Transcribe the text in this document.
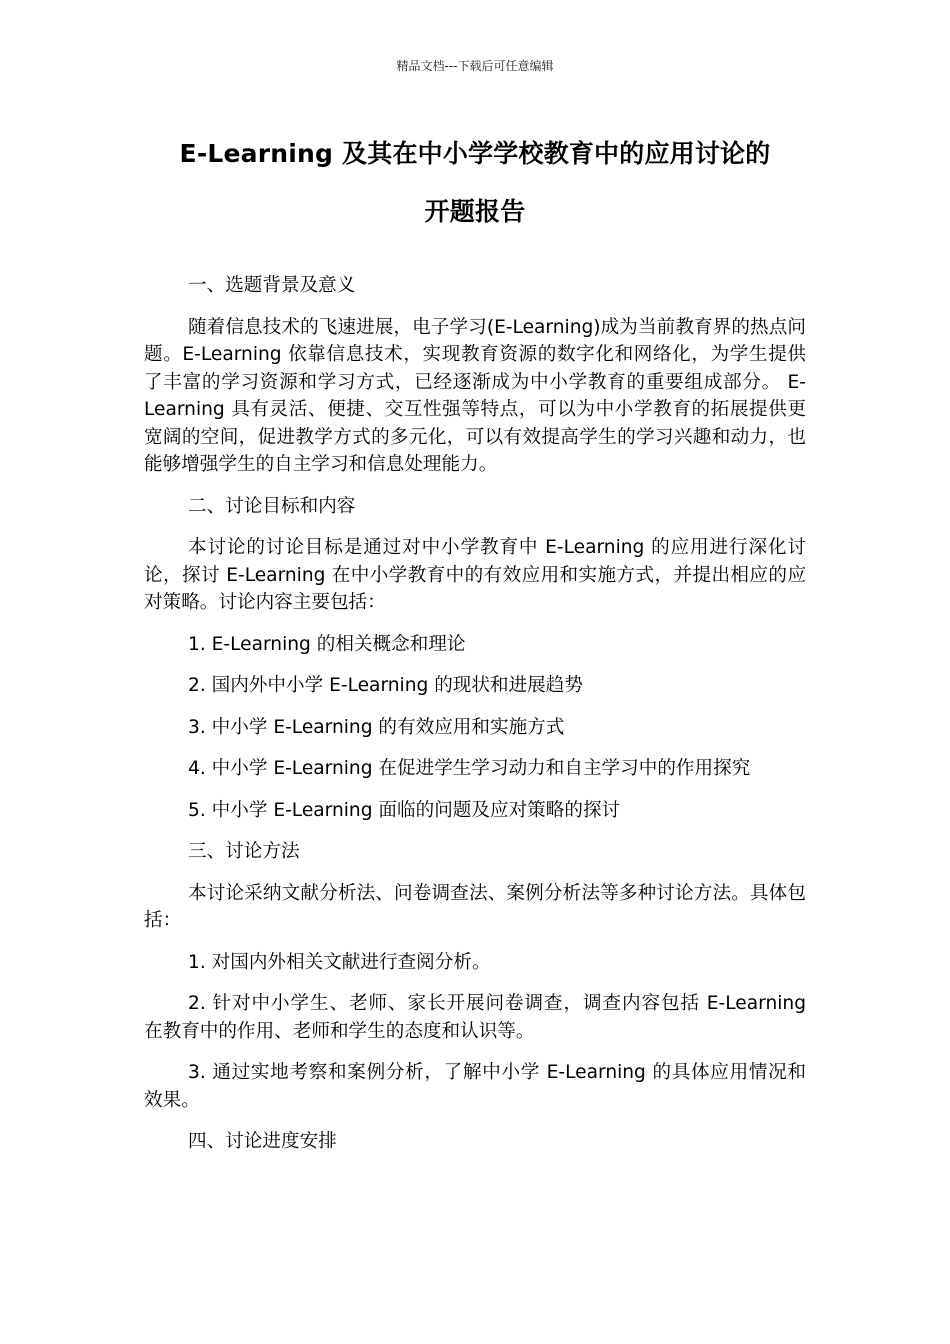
精品文档---下载后可任意编辑
E-Learning 及其在中小学学校教育中的应用讨论的
开题报告

一、选题背景及意义

随着信息技术的飞速进展，电子学习(E-Learning)成为当前教育界的热点问题。E-Learning 依靠信息技术，实现教育资源的数字化和网络化，为学生提供了丰富的学习资源和学习方式，已经逐渐成为中小学教育的重要组成部分。 E-Learning 具有灵活、便捷、交互性强等特点，可以为中小学教育的拓展提供更宽阔的空间，促进教学方式的多元化，可以有效提高学生的学习兴趣和动力，也能够增强学生的自主学习和信息处理能力。

二、讨论目标和内容

本讨论的讨论目标是通过对中小学教育中 E-Learning 的应用进行深化讨论，探讨 E-Learning 在中小学教育中的有效应用和实施方式，并提出相应的应对策略。讨论内容主要包括：

1. E-Learning 的相关概念和理论

2. 国内外中小学 E-Learning 的现状和进展趋势

3. 中小学 E-Learning 的有效应用和实施方式

4. 中小学 E-Learning 在促进学生学习动力和自主学习中的作用探究

5. 中小学 E-Learning 面临的问题及应对策略的探讨

三、讨论方法

本讨论采纳文献分析法、问卷调查法、案例分析法等多种讨论方法。具体包括：

1. 对国内外相关文献进行查阅分析。

2. 针对中小学生、老师、家长开展问卷调查，调查内容包括 E-Learning 在教育中的作用、老师和学生的态度和认识等。

3. 通过实地考察和案例分析，了解中小学 E-Learning 的具体应用情况和效果。

四、讨论进度安排
